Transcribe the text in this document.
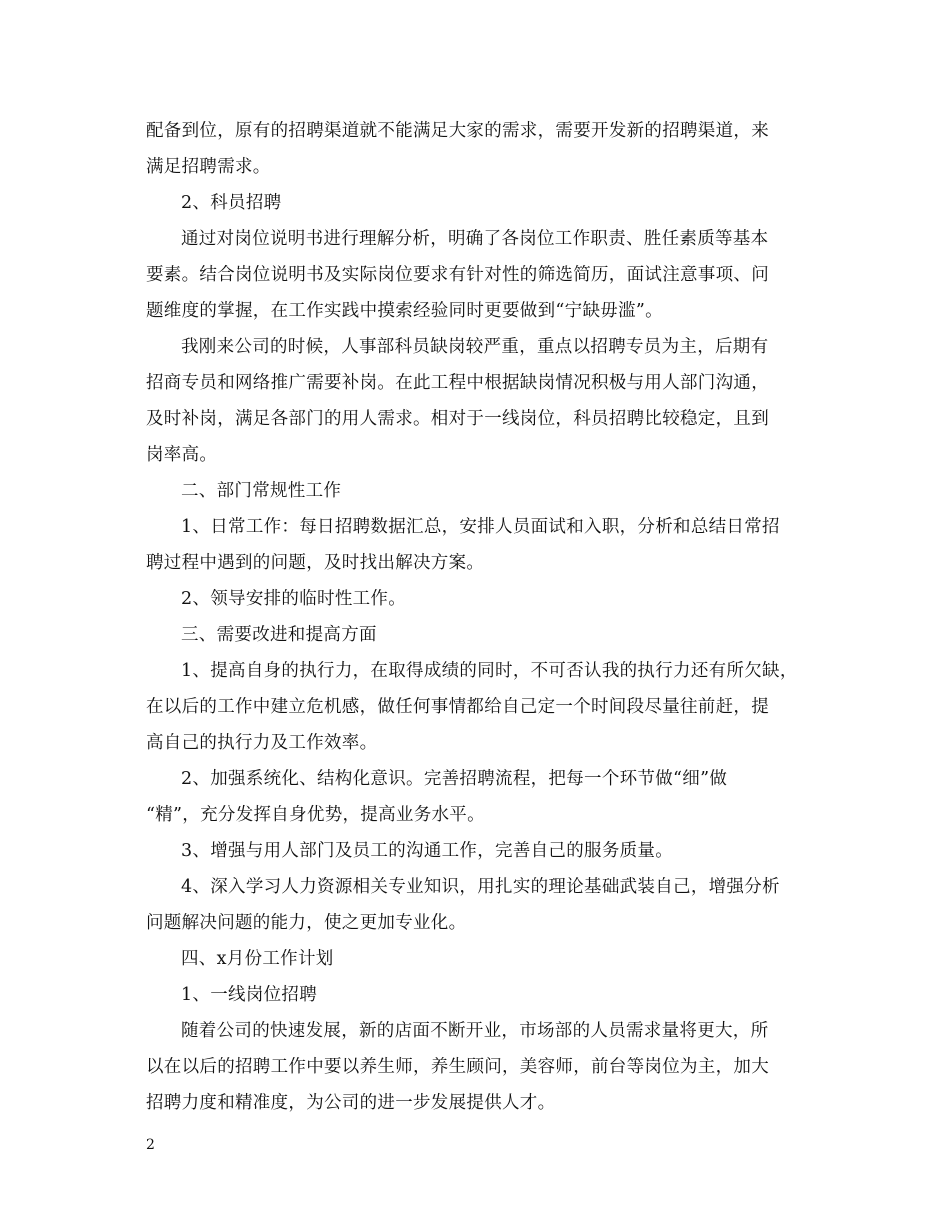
配备到位，原有的招聘渠道就不能满足大家的需求，需要开发新的招聘渠道，来
满足招聘需求。
2、科员招聘
通过对岗位说明书进行理解分析，明确了各岗位工作职责、胜任素质等基本
要素。结合岗位说明书及实际岗位要求有针对性的筛选简历，面试注意事项、问
题维度的掌握，在工作实践中摸索经验同时更要做到“宁缺毋滥”。
我刚来公司的时候，人事部科员缺岗较严重，重点以招聘专员为主，后期有
招商专员和网络推广需要补岗。在此工程中根据缺岗情况积极与用人部门沟通，
及时补岗，满足各部门的用人需求。相对于一线岗位，科员招聘比较稳定，且到
岗率高。
二、部门常规性工作
1、日常工作：每日招聘数据汇总，安排人员面试和入职，分析和总结日常招
聘过程中遇到的问题，及时找出解决方案。
2、领导安排的临时性工作。
三、需要改进和提高方面
1、提高自身的执行力，在取得成绩的同时，不可否认我的执行力还有所欠缺，
在以后的工作中建立危机感，做任何事情都给自己定一个时间段尽量往前赶，提
高自己的执行力及工作效率。
2、加强系统化、结构化意识。完善招聘流程，把每一个环节做“细”做
“精”，充分发挥自身优势，提高业务水平。
3、增强与用人部门及员工的沟通工作，完善自己的服务质量。
4、深入学习人力资源相关专业知识，用扎实的理论基础武装自己，增强分析
问题解决问题的能力，使之更加专业化。
四、x月份工作计划
1、一线岗位招聘
随着公司的快速发展，新的店面不断开业，市场部的人员需求量将更大，所
以在以后的招聘工作中要以养生师，养生顾问，美容师，前台等岗位为主，加大
招聘力度和精准度，为公司的进一步发展提供人才。
2
